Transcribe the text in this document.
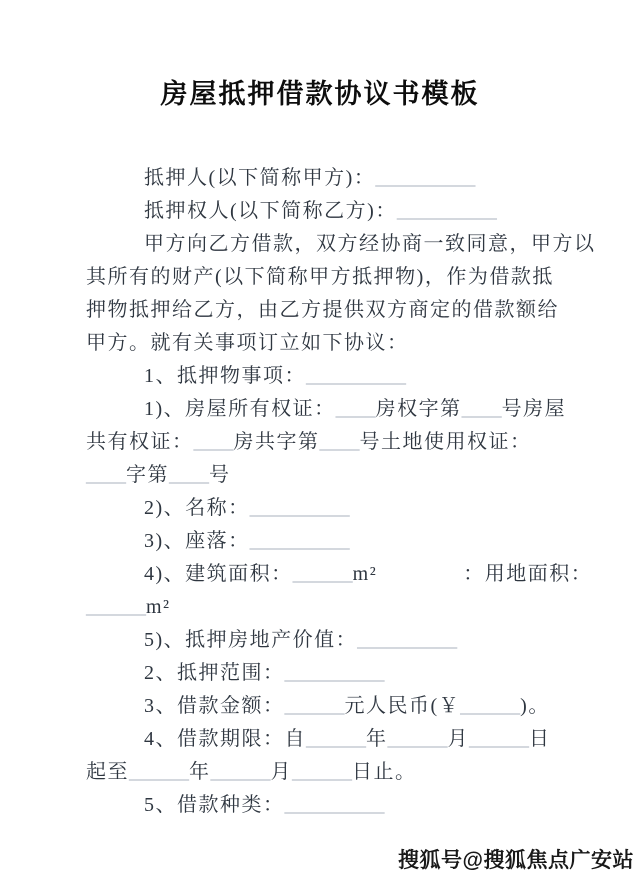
房屋抵押借款协议书模板
抵押人(以下简称甲方)：__________
抵押权人(以下简称乙方)：__________
甲方向乙方借款，双方经协商一致同意，甲方以
其所有的财产(以下简称甲方抵押物)，作为借款抵
押物抵押给乙方，由乙方提供双方商定的借款额给
甲方。就有关事项订立如下协议：
1、抵押物事项：__________
1)、房屋所有权证：____房权字第____号房屋
共有权证：____房共字第____号土地使用权证：
____字第____号
2)、名称：__________
3)、座落：__________
4)、建筑面积：______m²　　　　：用地面积：
______m²
5)、抵押房地产价值：__________
2、抵押范围：__________
3、借款金额：______元人民币(￥______)。
4、借款期限：自______年______月______日
起至______年______月______日止。
5、借款种类：__________
搜狐号@搜狐焦点广安站
